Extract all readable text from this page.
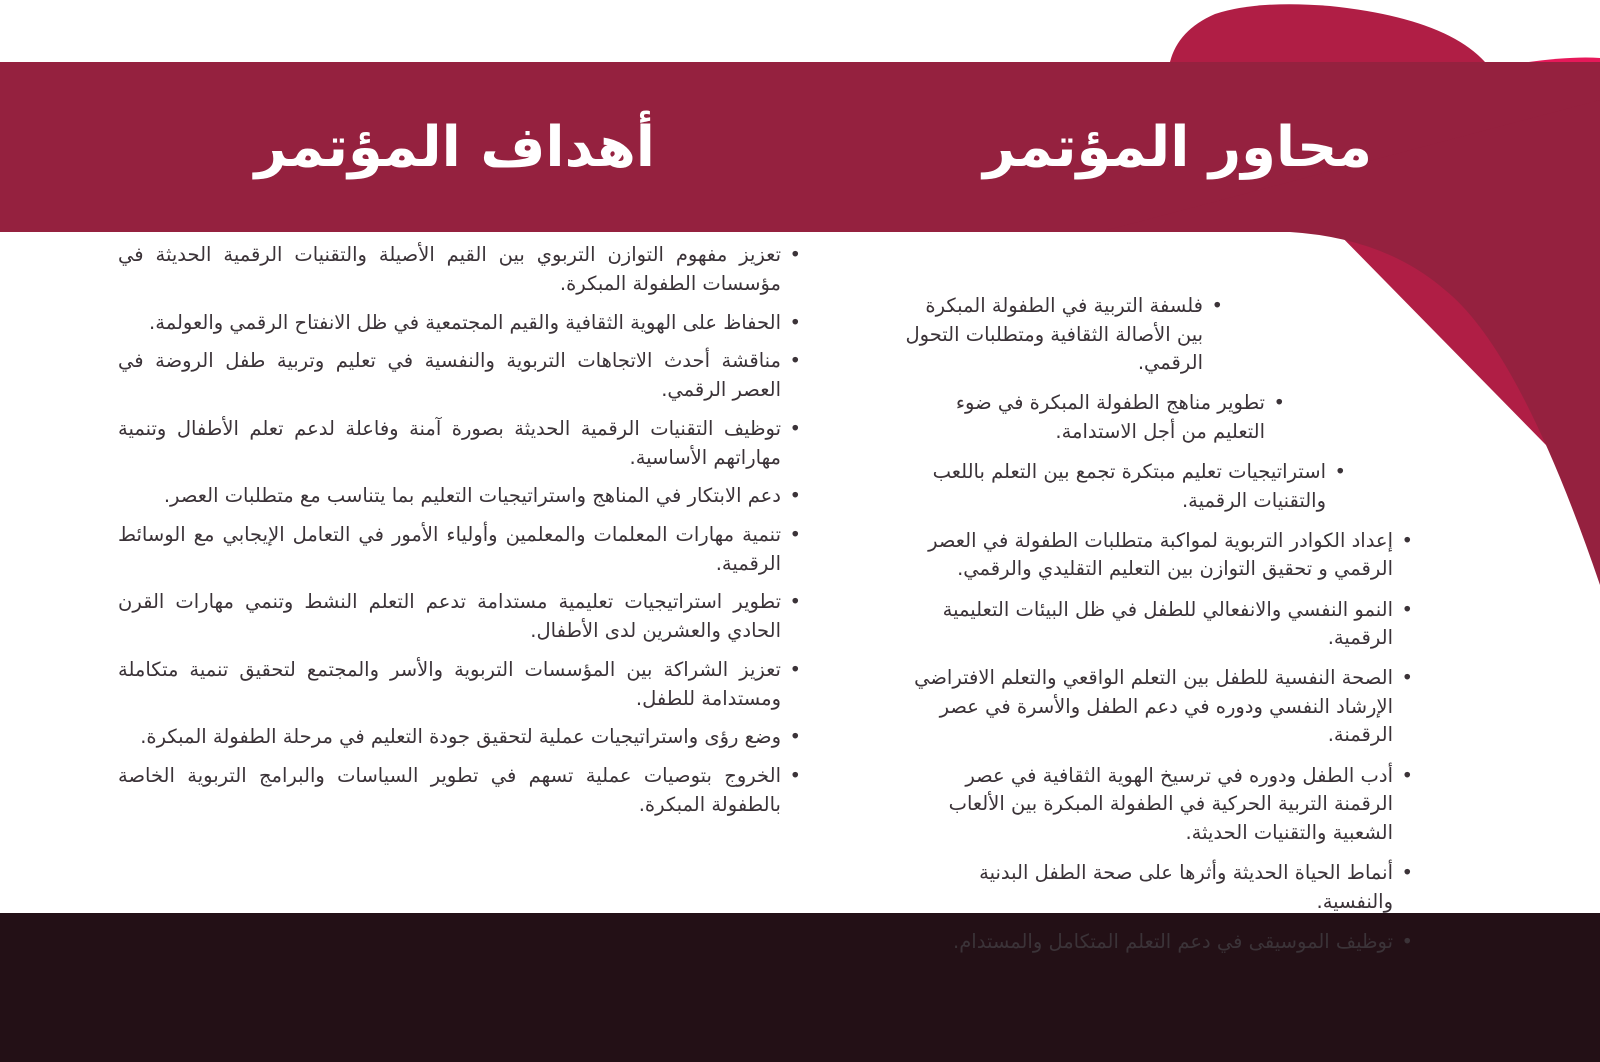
محاور المؤتمر
أهداف المؤتمر
• تعزيز مفهوم التوازن التربوي بين القيم الأصيلة والتقنيات الرقمية الحديثة في مؤسسات الطفولة المبكرة.
• الحفاظ على الهوية الثقافية والقيم المجتمعية في ظل الانفتاح الرقمي والعولمة.
• مناقشة أحدث الاتجاهات التربوية والنفسية في تعليم وتربية طفل الروضة في العصر الرقمي.
• توظيف التقنيات الرقمية الحديثة بصورة آمنة وفاعلة لدعم تعلم الأطفال وتنمية مهاراتهم الأساسية.
• دعم الابتكار في المناهج واستراتيجيات التعليم بما يتناسب مع متطلبات العصر.
• تنمية مهارات المعلمات والمعلمين وأولياء الأمور في التعامل الإيجابي مع الوسائط الرقمية.
• تطوير استراتيجيات تعليمية مستدامة تدعم التعلم النشط وتنمي مهارات القرن الحادي والعشرين لدى الأطفال.
• تعزيز الشراكة بين المؤسسات التربوية والأسر والمجتمع لتحقيق تنمية متكاملة ومستدامة للطفل.
• وضع رؤى واستراتيجيات عملية لتحقيق جودة التعليم في مرحلة الطفولة المبكرة.
• الخروج بتوصيات عملية تسهم في تطوير السياسات والبرامج التربوية الخاصة بالطفولة المبكرة.
• فلسفة التربية في الطفولة المبكرة بين الأصالة الثقافية ومتطلبات التحول الرقمي.
• تطوير مناهج الطفولة المبكرة في ضوء التعليم من أجل الاستدامة.
• استراتيجيات تعليم مبتكرة تجمع بين التعلم باللعب والتقنيات الرقمية.
• إعداد الكوادر التربوية لمواكبة متطلبات الطفولة في العصر الرقمي و تحقيق التوازن بين التعليم التقليدي والرقمي.
• النمو النفسي والانفعالي للطفل في ظل البيئات التعليمية الرقمية.
• الصحة النفسية للطفل بين التعلم الواقعي والتعلم الافتراضي الإرشاد النفسي ودوره في دعم الطفل والأسرة في عصر الرقمنة.
• أدب الطفل ودوره في ترسيخ الهوية الثقافية في عصر الرقمنة التربية الحركية في الطفولة المبكرة بين الألعاب الشعبية والتقنيات الحديثة.
• أنماط الحياة الحديثة وأثرها على صحة الطفل البدنية والنفسية.
• توظيف الموسيقى في دعم التعلم المتكامل والمستدام.
